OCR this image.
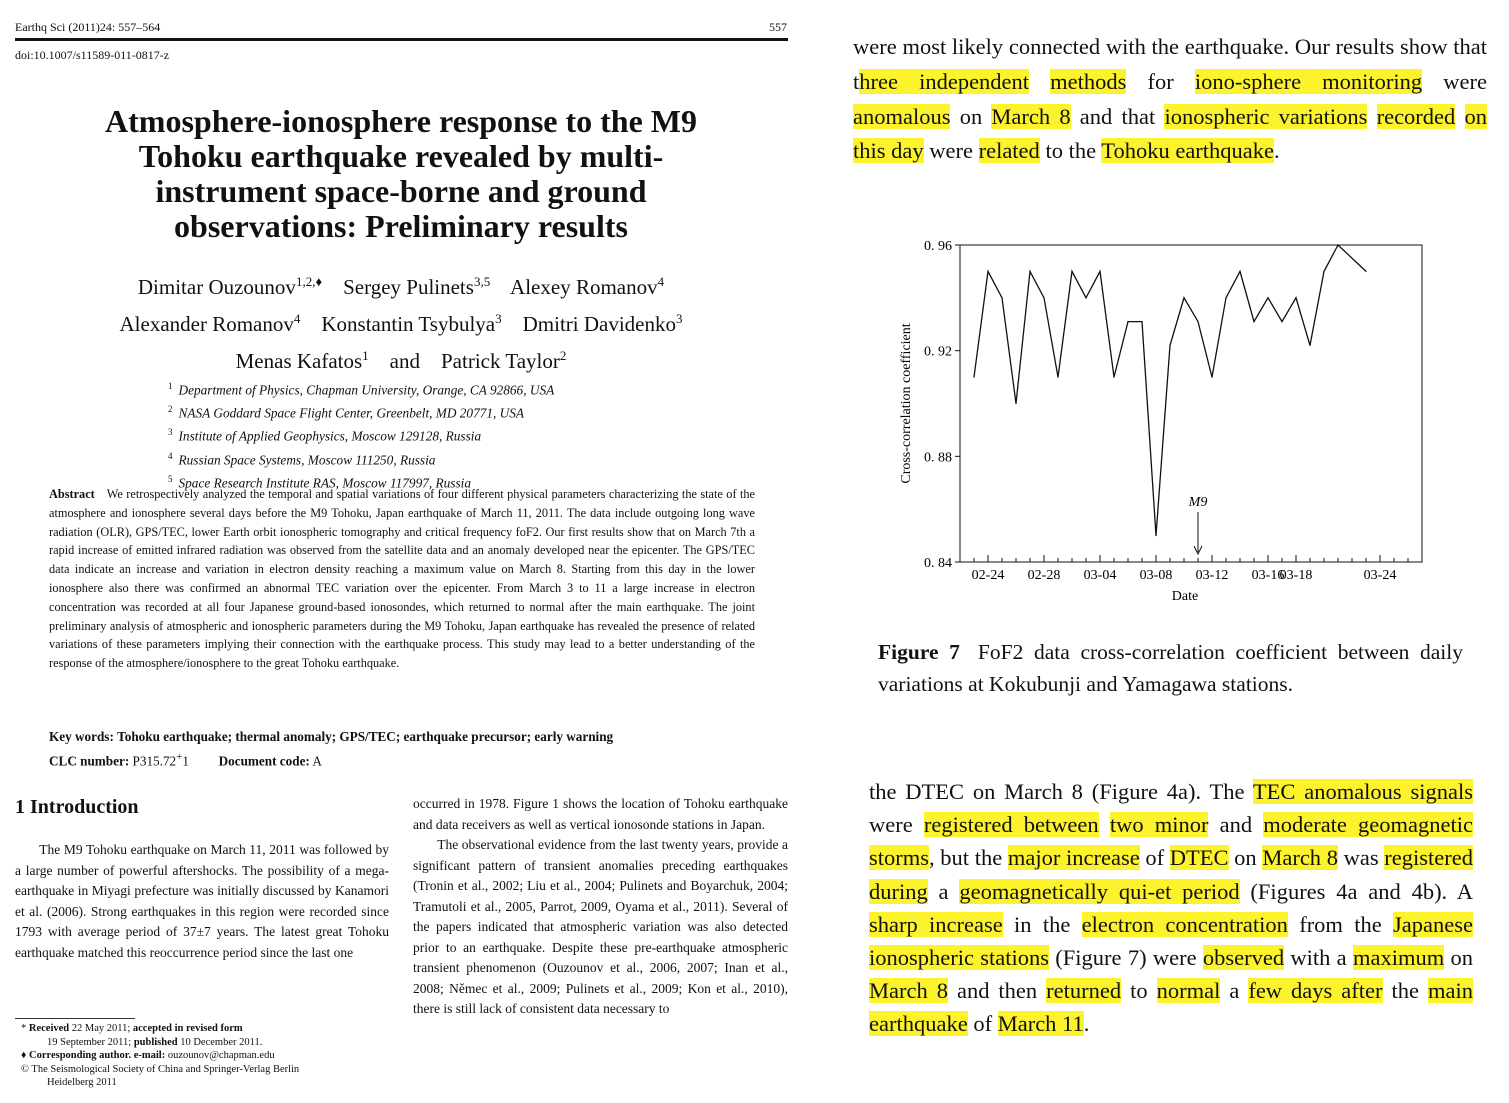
Earthq Sci (2011)24: 557–564	557
doi:10.1007/s11589-011-0817-z
Atmosphere-ionosphere response to the M9
Tohoku earthquake revealed by multi-
instrument space-borne and ground
observations: Preliminary results
Dimitar Ouzounov$^{1,2,♦}$ Sergey Pulinets$^{3,5}$ Alexey Romanov$^4$
Alexander Romanov$^4$ Konstantin Tsybulya$^3$ Dmitri Davidenko$^3$
Menas Kafatos$^1$ and Patrick Taylor$^2$
$^1$ Department of Physics, Chapman University, Orange, CA 92866, USA
$^2$ NASA Goddard Space Flight Center, Greenbelt, MD 20771, USA
$^3$ Institute of Applied Geophysics, Moscow 129128, Russia
$^4$ Russian Space Systems, Moscow 111250, Russia
$^5$ Space Research Institute RAS, Moscow 117997, Russia
Abstract We retrospectively analyzed the temporal and spatial variations of four different physical parameters characterizing the state of the atmosphere and ionosphere several days before the M9 Tohoku, Japan earthquake of March 11, 2011. The data include outgoing long wave radiation (OLR), GPS/TEC, lower Earth orbit ionospheric tomography and critical frequency foF2. Our first results show that on March 7th a rapid increase of emitted infrared radiation was observed from the satellite data and an anomaly developed near the epicenter. The GPS/TEC data indicate an increase and variation in electron density reaching a maximum value on March 8. Starting from this day in the lower ionosphere also there was confirmed an abnormal TEC variation over the epicenter. From March 3 to 11 a large increase in electron concentration was recorded at all four Japanese ground-based ionosondes, which returned to normal after the main earthquake. The joint preliminary analysis of atmospheric and ionospheric parameters during the M9 Tohoku, Japan earthquake has revealed the presence of related variations of these parameters implying their connection with the earthquake process. This study may lead to a better understanding of the response of the atmosphere/ionosphere to the great Tohoku earthquake.
Key words: Tohoku earthquake; thermal anomaly; GPS/TEC; earthquake precursor; early warning
CLC number: P315.72+1 Document code: A
1 Introduction
The M9 Tohoku earthquake on March 11, 2011 was followed by a large number of powerful aftershocks. The possibility of a mega-earthquake in Miyagi prefecture was initially discussed by Kanamori et al. (2006). Strong earthquakes in this region were recorded since 1793 with average period of 37±7 years. The latest great Tohoku earthquake matched this reoccurrence period since the last one

occurred in 1978. Figure 1 shows the location of Tohoku earthquake and data receivers as well as vertical ionosonde stations in Japan.

The observational evidence from the last twenty years, provide a significant pattern of transient anomalies preceding earthquakes (Tronin et al., 2002; Liu et al., 2004; Pulinets and Boyarchuk, 2004; Tramutoli et al., 2005, Parrot, 2009, Oyama et al., 2011). Several of the papers indicated that atmospheric variation was also detected prior to an earthquake. Despite these pre-earthquake atmospheric transient phenomenon (Ouzounov et al., 2006, 2007; Inan et al., 2008; Němec et al., 2009; Pulinets et al., 2009; Kon et al., 2010), there is still lack of consistent data necessary to

* Received 22 May 2011; accepted in revised form
19 September 2011; published 10 December 2011.
♦ Corresponding author. e-mail: ouzounov@chapman.edu
© The Seismological Society of China and Springer-Verlag Berlin
Heidelberg 2011
were most likely connected with the earthquake. Our results show that three independent methods for iono-sphere monitoring were anomalous on March 8 and that ionospheric variations recorded on this day were related to the Tohoku earthquake.
0. 84
0. 88
0. 92
0. 96
02-24 02-28 03-04 03-08 03-12 03-16
03-18	03-24
Date
Cross-correlation coefficient
M9
Figure 7 FoF2 data cross-correlation coefficient between daily variations at Kokubunji and Yamagawa stations.
the DTEC on March 8 (Figure 4a). The TEC anomalous signals were registered between two minor and moderate geomagnetic storms, but the major increase of DTEC on March 8 was registered during a geomagnetically qui-et period (Figures 4a and 4b). A sharp increase in the electron concentration from the Japanese ionospheric stations (Figure 7) were observed with a maximum on March 8 and then returned to normal a few days after the main earthquake of March 11.
